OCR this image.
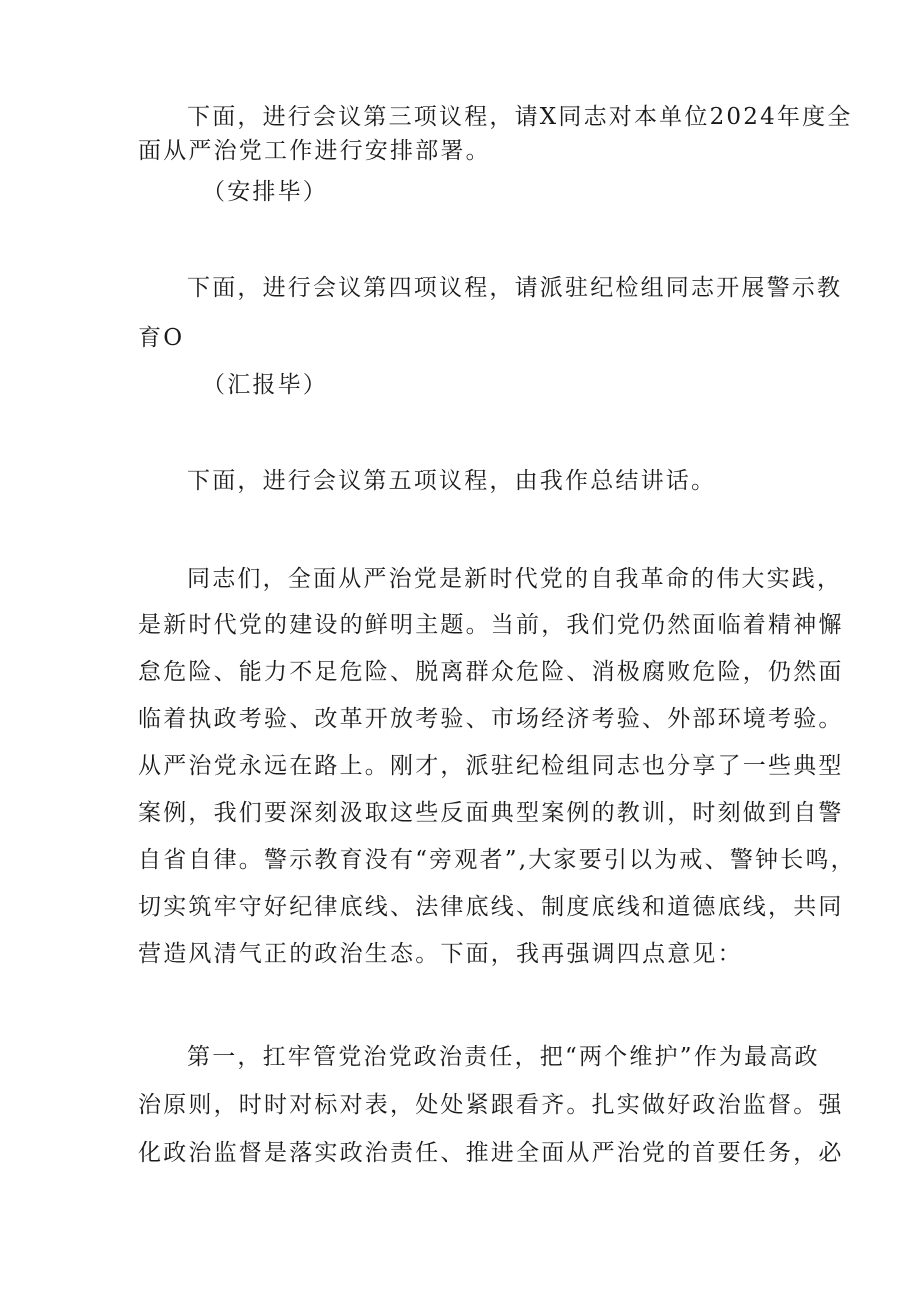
下面，进行会议第三项议程，请X同志对本单位2024年度全
面从严治党工作进行安排部署。
（安排毕）
下面，进行会议第四项议程，请派驻纪检组同志开展警示教
育O
（汇报毕）
下面，进行会议第五项议程，由我作总结讲话。
同志们，全面从严治党是新时代党的自我革命的伟大实践，
是新时代党的建设的鲜明主题。当前，我们党仍然面临着精神懈
怠危险、能力不足危险、脱离群众危险、消极腐败危险，仍然面
临着执政考验、改革开放考验、市场经济考验、外部环境考验。
从严治党永远在路上。刚才，派驻纪检组同志也分享了一些典型
案例，我们要深刻汲取这些反面典型案例的教训，时刻做到自警
自省自律。警示教育没有“旁观者”,大家要引以为戒、警钟长鸣，
切实筑牢守好纪律底线、法律底线、制度底线和道德底线，共同
营造风清气正的政治生态。下面，我再强调四点意见：
第一，扛牢管党治党政治责任，把“两个维护”作为最高政
治原则，时时对标对表，处处紧跟看齐。扎实做好政治监督。强
化政治监督是落实政治责任、推进全面从严治党的首要任务，必
